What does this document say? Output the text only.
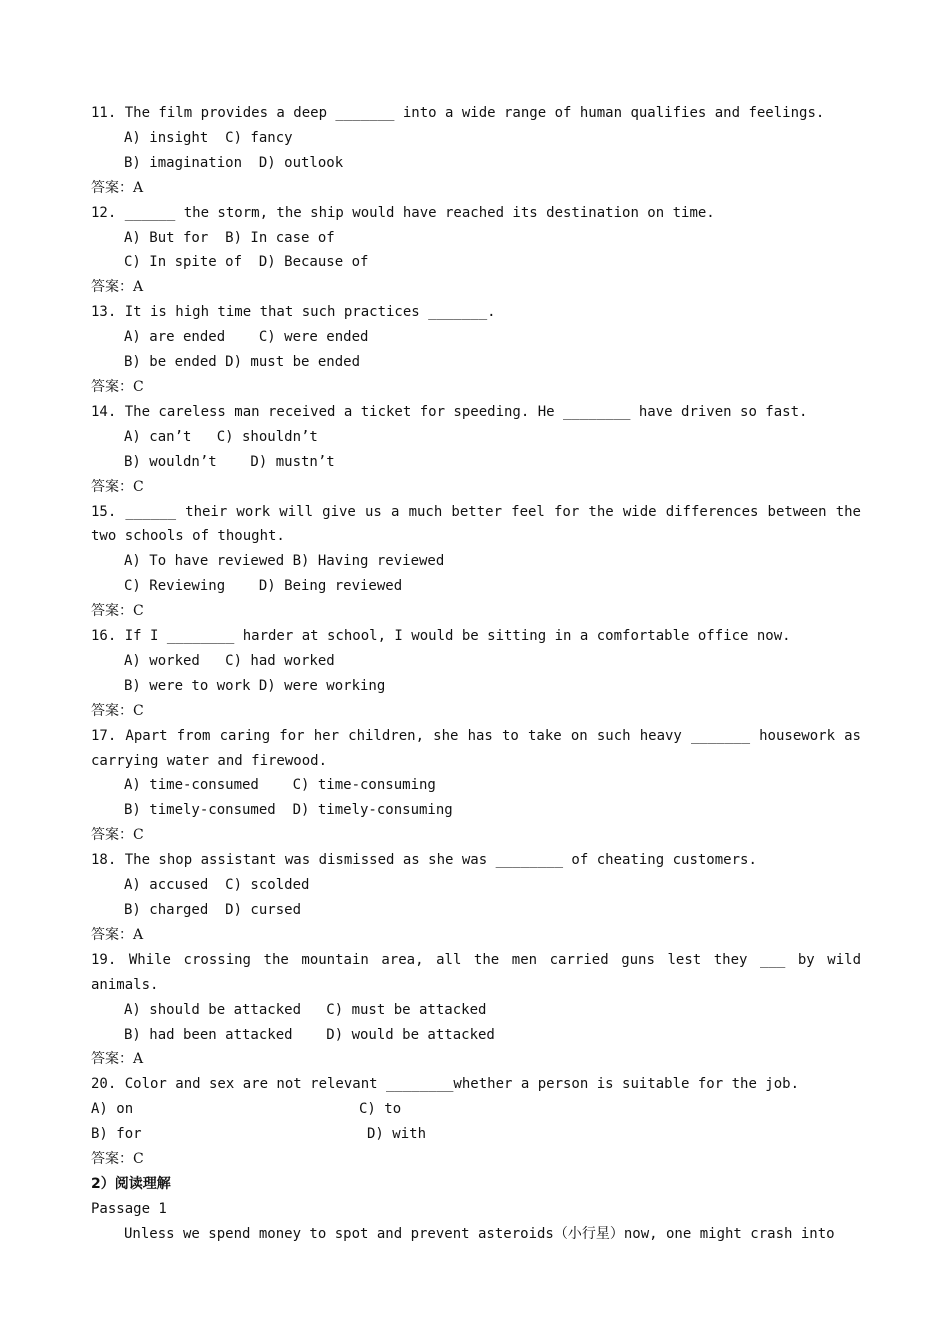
11. The film provides a deep _______ into a wide range of human qualifies and feelings.
A) insight  C) fancy
B) imagination  D) outlook
答案：A
12. ______ the storm, the ship would have reached its destination on time.
A) But for  B) In case of
C) In spite of  D) Because of
答案：A
13. It is high time that such practices _______.
A) are ended    C) were ended
B) be ended D) must be ended
答案：C
14. The careless man received a ticket for speeding. He ________ have driven so fast.
A) can’t   C) shouldn’t
B) wouldn’t    D) mustn’t
答案：C
15. ______ their work will give us a much better feel for the wide differences between the two schools of thought.
A) To have reviewed B) Having reviewed
C) Reviewing    D) Being reviewed
答案：C
16. If I ________ harder at school, I would be sitting in a comfortable office now.
A) worked   C) had worked
B) were to work D) were working
答案：C
17. Apart from caring for her children, she has to take on such heavy _______ housework as carrying water and firewood.
A) time-consumed    C) time-consuming
B) timely-consumed  D) timely-consuming
答案：C
18. The shop assistant was dismissed as she was ________ of cheating customers.
A) accused  C) scolded
B) charged  D) cursed
答案：A
19. While crossing the mountain area, all the men carried guns lest they ___ by wild animals.
A) should be attacked   C) must be attacked
B) had been attacked    D) would be attacked
答案：A
20. Color and sex are not relevant ________whether a person is suitable for the job.
A) on	C) to
B) for	D) with
答案：C
2）阅读理解
Passage 1
Unless we spend money to spot and prevent asteroids（小行星）now, one might crash into
